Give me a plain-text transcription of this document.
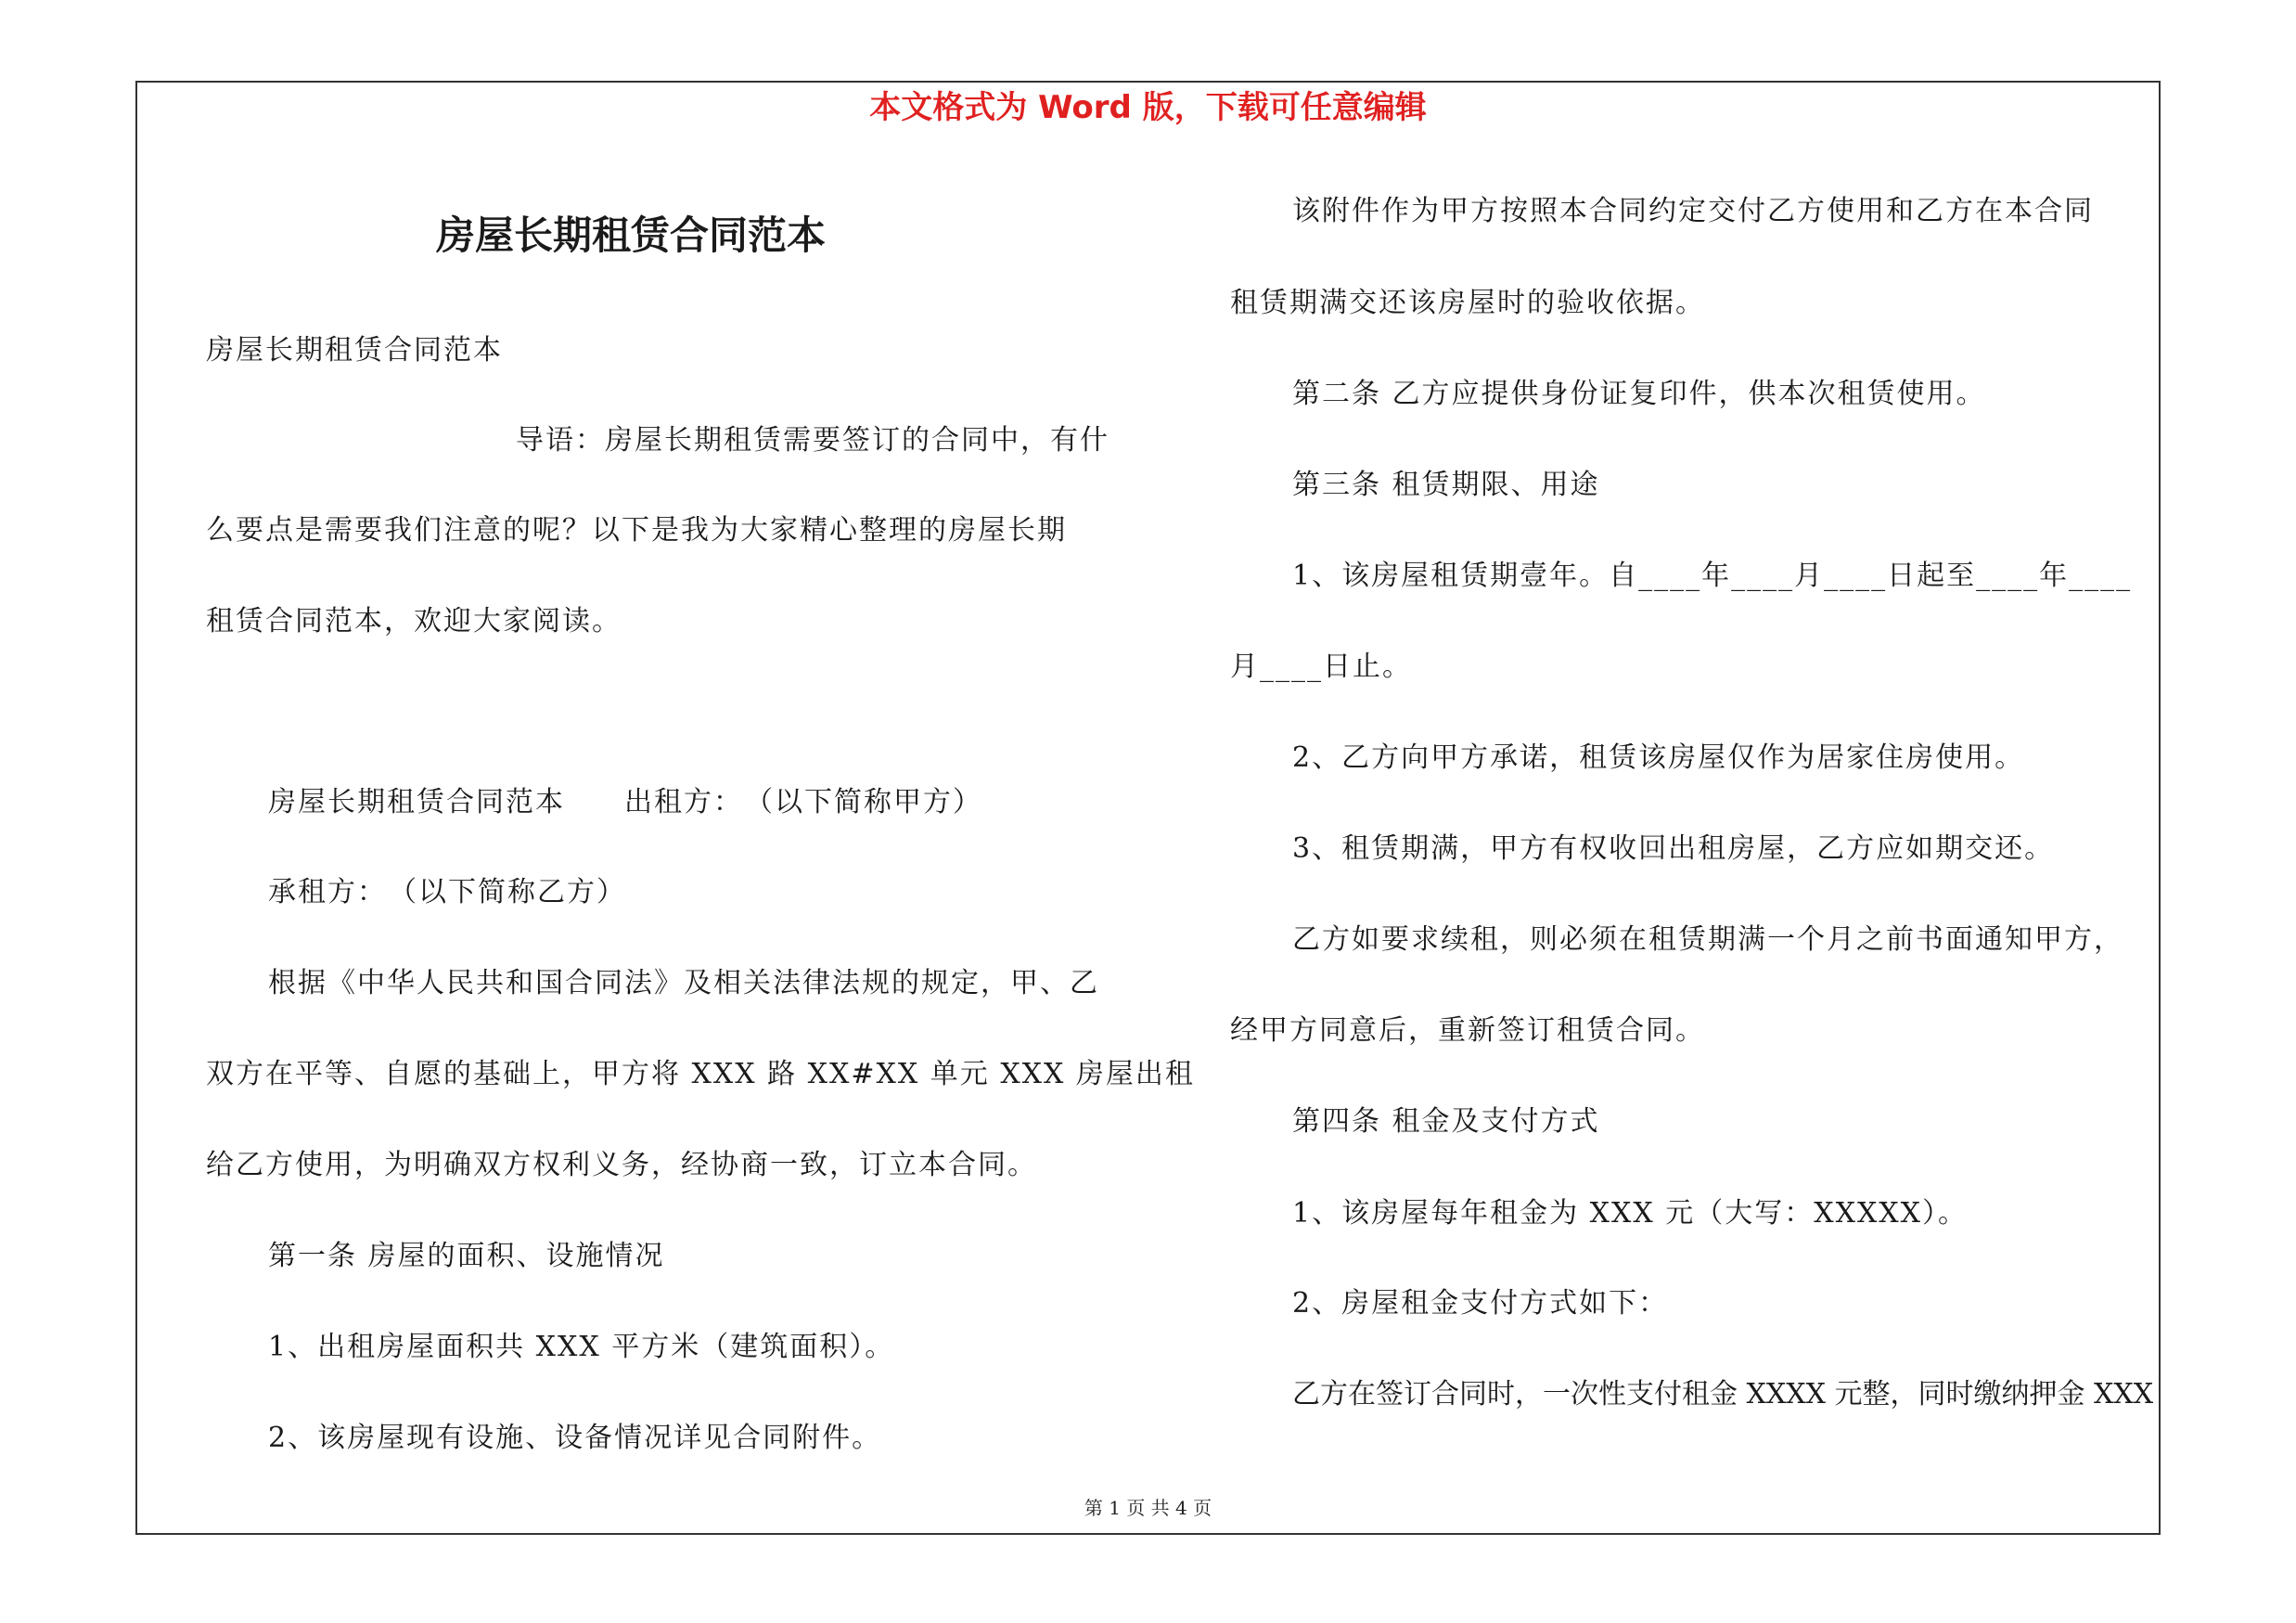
本文格式为 Word 版，下载可任意编辑
房屋长期租赁合同范本
房屋长期租赁合同范本
导语：房屋长期租赁需要签订的合同中，有什
么要点是需要我们注意的呢？以下是我为大家精心整理的房屋长期
租赁合同范本，欢迎大家阅读。
房屋长期租赁合同范本　　出租方：　（以下简称甲方）
承租方：　（以下简称乙方）
根据《中华人民共和国合同法》及相关法律法规的规定，甲、乙
双方在平等、自愿的基础上，甲方将 XXX 路 XX#XX 单元 XXX 房屋出租
给乙方使用，为明确双方权利义务，经协商一致，订立本合同。
第一条 房屋的面积、设施情况
1、出租房屋面积共 XXX 平方米（建筑面积）。
2、该房屋现有设施、设备情况详见合同附件。
该附件作为甲方按照本合同约定交付乙方使用和乙方在本合同
租赁期满交还该房屋时的验收依据。
第二条 乙方应提供身份证复印件，供本次租赁使用。
第三条 租赁期限、用途
1、该房屋租赁期壹年。自____年____月____日起至____年____
月____日止。
2、乙方向甲方承诺，租赁该房屋仅作为居家住房使用。
3、租赁期满，甲方有权收回出租房屋，乙方应如期交还。
乙方如要求续租，则必须在租赁期满一个月之前书面通知甲方，
经甲方同意后，重新签订租赁合同。
第四条 租金及支付方式
1、该房屋每年租金为 XXX 元（大写：XXXXX）。
2、房屋租金支付方式如下：
乙方在签订合同时，一次性支付租金 XXXX 元整，同时缴纳押金 XXX
第 1 页 共 4 页
